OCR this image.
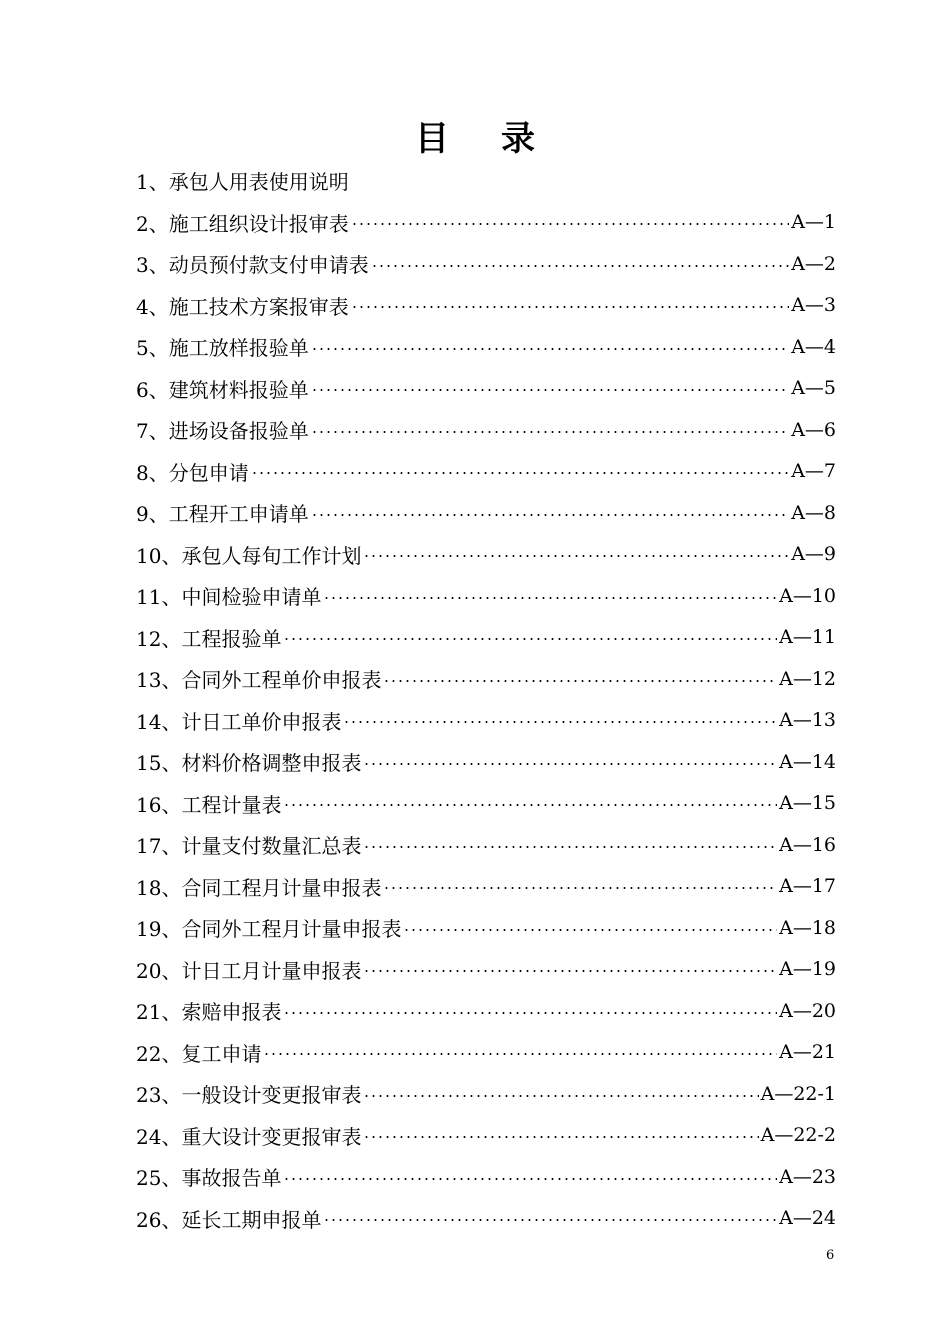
目录
1、 承包人用表使用说明
2、 施工组织设计报审表	A—1
3、 动员预付款支付申请表	A—2
4、 施工技术方案报审表	A—3
5、 施工放样报验单	A—4
6、 建筑材料报验单	A—5
7、 进场设备报验单	A—6
8、 分包申请	A—7
9、 工程开工申请单	A—8
10、 承包人每旬工作计划	A—9
11、 中间检验申请单	A—10
12、 工程报验单	A—11
13、 合同外工程单价申报表	A—12
14、 计日工单价申报表	A—13
15、 材料价格调整申报表	A—14
16、 工程计量表	A—15
17、 计量支付数量汇总表	A—16
18、 合同工程月计量申报表	A—17
19、 合同外工程月计量申报表	A—18
20、 计日工月计量申报表	A—19
21、 索赔申报表	A—20
22、 复工申请	A—21
23、 一般设计变更报审表	A—22-1
24、 重大设计变更报审表	A—22-2
25、 事故报告单	A—23
26、 延长工期申报单	A—24
6
